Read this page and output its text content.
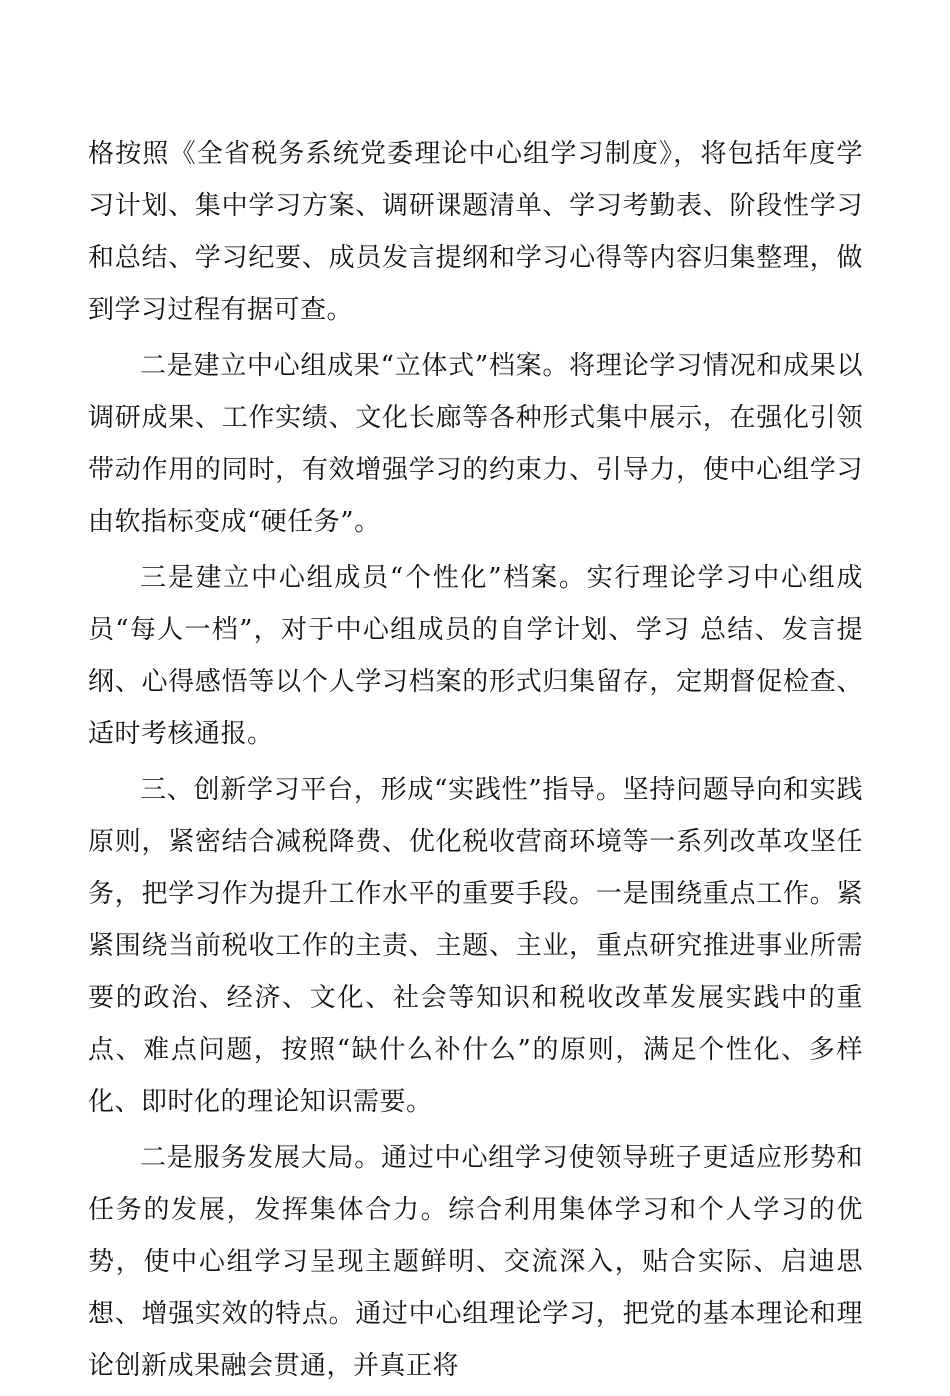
格按照《全省税务系统党委理论中心组学习制度》，将包括年度学习计划、集中学习方案、调研课题清单、学习考勤表、阶段性学习和总结、学习纪要、成员发言提纲和学习心得等内容归集整理，做到学习过程有据可查。

二是建立中心组成果“立体式”档案。将理论学习情况和成果以调研成果、工作实绩、文化长廊等各种形式集中展示，在强化引领带动作用的同时，有效增强学习的约束力、引导力，使中心组学习由软指标变成“硬任务”。

三是建立中心组成员“个性化”档案。实行理论学习中心组成员“每人一档”，对于中心组成员的自学计划、学习 总结、发言提纲、心得感悟等以个人学习档案的形式归集留存，定期督促检查、适时考核通报。

三、创新学习平台，形成“实践性”指导。坚持问题导向和实践原则，紧密结合减税降费、优化税收营商环境等一系列改革攻坚任务，把学习作为提升工作水平的重要手段。一是围绕重点工作。紧紧围绕当前税收工作的主责、主题、主业，重点研究推进事业所需要的政治、经济、文化、社会等知识和税收改革发展实践中的重点、难点问题，按照“缺什么补什么”的原则，满足个性化、多样化、即时化的理论知识需要。

二是服务发展大局。通过中心组学习使领导班子更适应形势和任务的发展，发挥集体合力。综合利用集体学习和个人学习的优势，使中心组学习呈现主题鲜明、交流深入，贴合实际、启迪思想、增强实效的特点。通过中心组理论学习，把党的基本理论和理论创新成果融会贯通，并真正将
